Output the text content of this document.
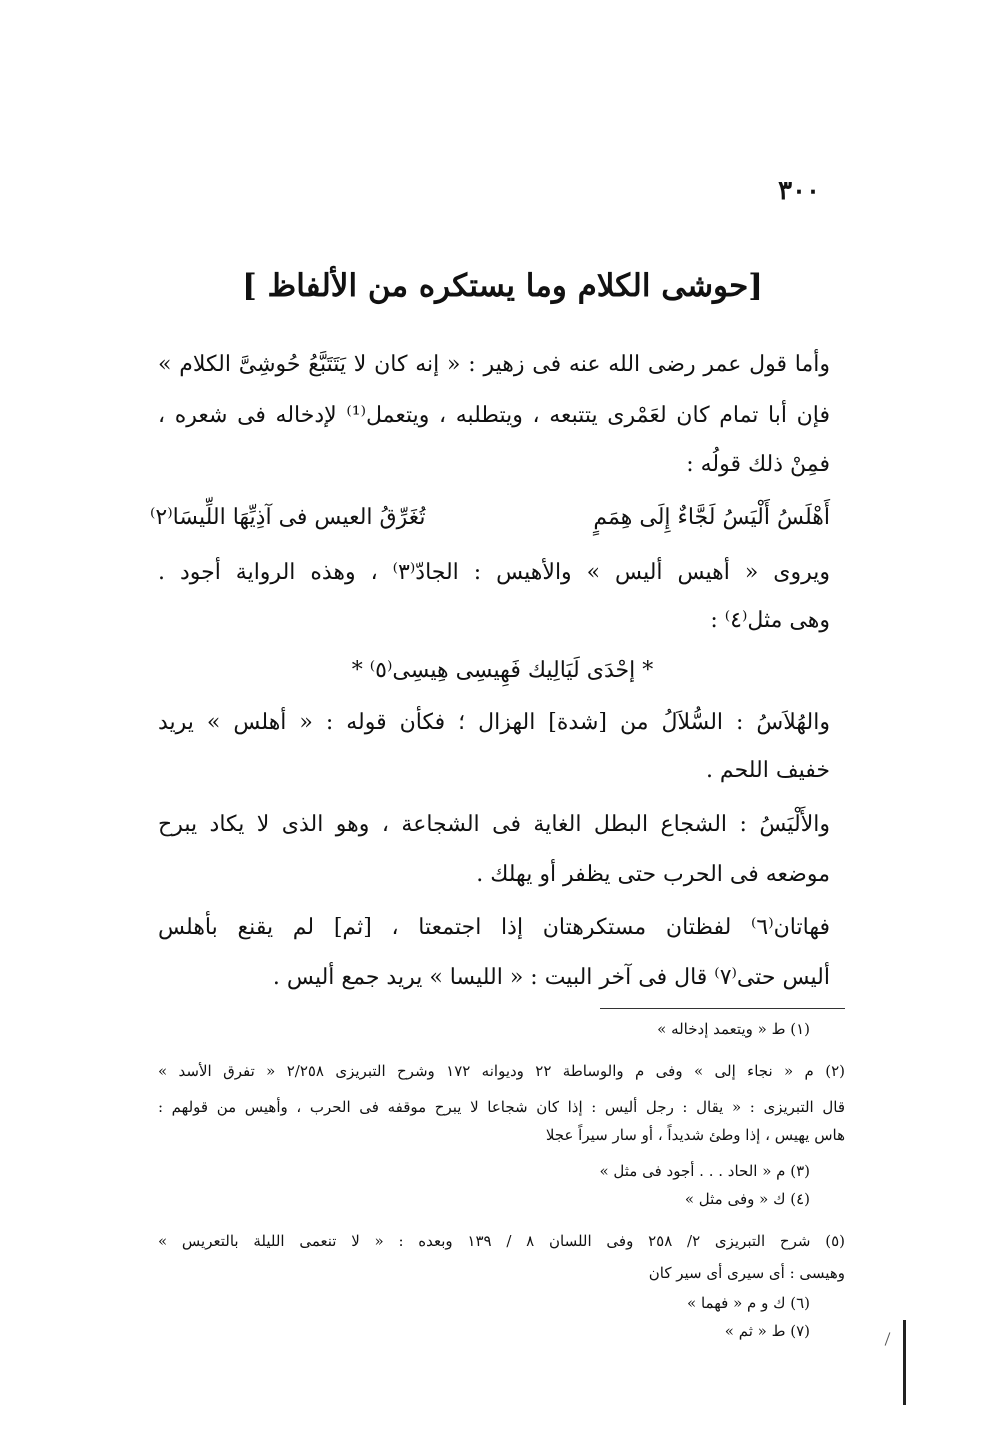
٣٠٠
[حوشى الكلام وما يستكره من الألفاظ ]
وأما قول عمر رضى الله عنه فى زهير : « إنه كان لا يَتَتَبَّعُ حُوشِىَّ الكلام »
فإن أبا تمام كان لعَمْرى يتتبعه ، ويتطلبه ، ويتعمل⁽¹⁾ لإدخاله فى شعره ،
فمِنْ ذلك قولُه :
أَهْلَسُ أَلْيَسُ لَجَّاءٌ إِلَى هِمَمٍ
تُغَرِّقُ العيس فى آذِيِّهَا اللِّيسَا⁽٢⁾
ويروى « أهيس أليس » والأهيس : الجادّ⁽٣⁾ ، وهذه الرواية أجود .
وهى مثل⁽٤⁾ :
* إحْدَى لَيَالِيك فَهِيسِى هِيسِى⁽٥⁾ *
والهُلاَسُ : السُّلاَلُ من [شدة] الهزال ؛ فكأن قوله : « أهلس » يريد
خفيف اللحم .
والأَلْيَسُ : الشجاع البطل الغاية فى الشجاعة ، وهو الذى لا يكاد يبرح
موضعه فى الحرب حتى يظفر أو يهلك .
فهاتان⁽٦⁾ لفظتان مستكرهتان إذا اجتمعتا ، [ثم] لم يقنع بأهلس
أليس حتى⁽٧⁾ قال فى آخر البيت : « الليسا » يريد جمع أليس .
(١) ط « ويتعمد إدخاله »
(٢) م « نجاء إلى » وفى م والوساطة ٢٢ وديوانه ١٧٢ وشرح التبريزى ٢/٢٥٨ « تفرق الأسد »
قال التبريزى : « يقال : رجل أليس : إذا كان شجاعا لا يبرح موقفه فى الحرب ، وأهيس من قولهم :
هاس يهيس ، إذا وطئ شديداً ، أو سار سيراً عجلا
(٣) م « الحاد . . . أجود فى مثل »
(٤) ك « وفى مثل »
(٥) شرح التبريزى ٢/ ٢٥٨ وفى اللسان ٨ / ١٣٩ وبعده : « لا تنعمى الليلة بالتعريس »
وهيسى : أى سيرى أى سير كان
(٦) ك و م « فهما »
(٧) ط « ثم »
